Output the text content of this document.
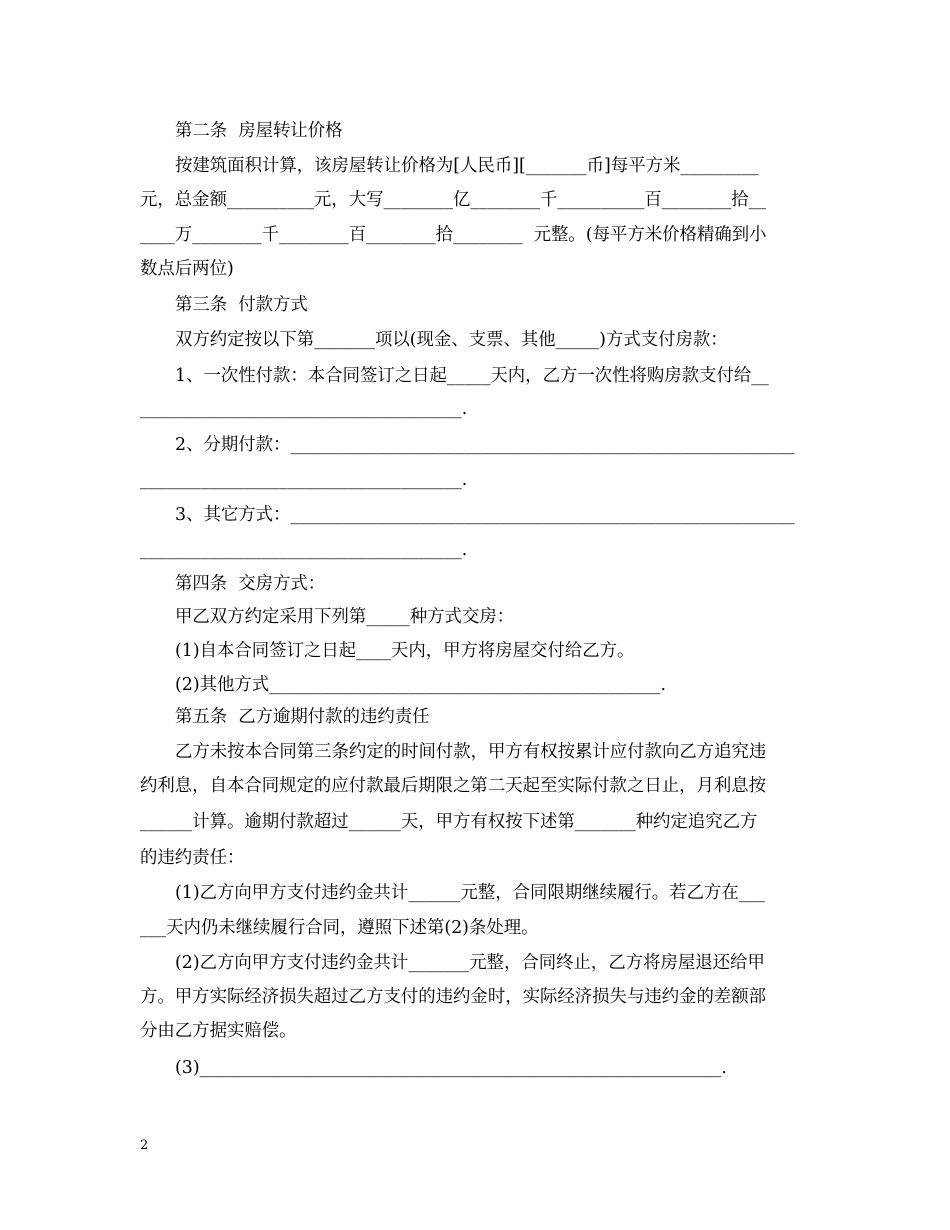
第二条  房屋转让价格
按建筑面积计算，该房屋转让价格为[人民币][_______币]每平方米_________
元，总金额__________元，大写________亿________千__________百________拾__
____万________千________百________拾________  元整。(每平方米价格精确到小
数点后两位)
第三条  付款方式
双方约定按以下第_______项以(现金、支票、其他_____)方式支付房款：
1、一次性付款：本合同签订之日起_____天内，乙方一次性将购房款支付给__
_____________________________________.
2、分期付款：__________________________________________________________
_____________________________________.
3、其它方式：__________________________________________________________
_____________________________________.
第四条  交房方式：
甲乙双方约定采用下列第_____种方式交房：
(1)自本合同签订之日起____天内，甲方将房屋交付给乙方。
(2)其他方式_____________________________________________.
第五条  乙方逾期付款的违约责任
乙方未按本合同第三条约定的时间付款，甲方有权按累计应付款向乙方追究违
约利息，自本合同规定的应付款最后期限之第二天起至实际付款之日止，月利息按
______计算。逾期付款超过______天，甲方有权按下述第_______种约定追究乙方
的违约责任：
(1)乙方向甲方支付违约金共计______元整，合同限期继续履行。若乙方在___
___天内仍未继续履行合同，遵照下述第(2)条处理。
(2)乙方向甲方支付违约金共计_______元整，合同终止，乙方将房屋退还给甲
方。甲方实际经济损失超过乙方支付的违约金时，实际经济损失与违约金的差额部
分由乙方据实赔偿。
(3)____________________________________________________________.
2
